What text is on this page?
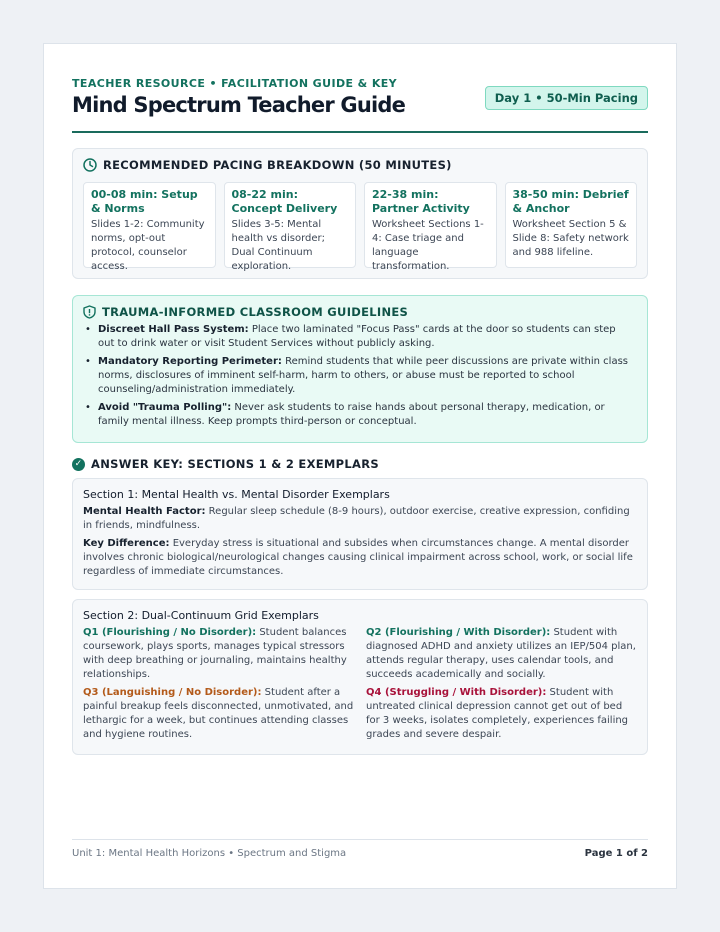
TEACHER RESOURCE • FACILITATION GUIDE & KEY
Mind Spectrum Teacher Guide	Day 1 • 50-Min Pacing
RECOMMENDED PACING BREAKDOWN (50 MINUTES)
00-08 min: Setup & Norms
Slides 1-2: Community norms, opt-out protocol, counselor access.
08-22 min: Concept Delivery
Slides 3-5: Mental health vs disorder; Dual Continuum exploration.
22-38 min: Partner Activity
Worksheet Sections 1-4: Case triage and language transformation.
38-50 min: Debrief & Anchor
Worksheet Section 5 & Slide 8: Safety network and 988 lifeline.
TRAUMA-INFORMED CLASSROOM GUIDELINES
• Discreet Hall Pass System: Place two laminated "Focus Pass" cards at the door so students can step out to drink water or visit Student Services without publicly asking.
• Mandatory Reporting Perimeter: Remind students that while peer discussions are private within class norms, disclosures of imminent self-harm, harm to others, or abuse must be reported to school counseling/administration immediately.
• Avoid "Trauma Polling": Never ask students to raise hands about personal therapy, medication, or family mental illness. Keep prompts third-person or conceptual.
✓ ANSWER KEY: SECTIONS 1 & 2 EXEMPLARS
Section 1: Mental Health vs. Mental Disorder Exemplars
Mental Health Factor: Regular sleep schedule (8-9 hours), outdoor exercise, creative expression, confiding in friends, mindfulness.
Key Difference: Everyday stress is situational and subsides when circumstances change. A mental disorder involves chronic biological/neurological changes causing clinical impairment across school, work, or social life regardless of immediate circumstances.
Section 2: Dual-Continuum Grid Exemplars
Q1 (Flourishing / No Disorder): Student balances coursework, plays sports, manages typical stressors with deep breathing or journaling, maintains healthy relationships.
Q2 (Flourishing / With Disorder): Student with diagnosed ADHD and anxiety utilizes an IEP/504 plan, attends regular therapy, uses calendar tools, and succeeds academically and socially.
Q3 (Languishing / No Disorder): Student after a painful breakup feels disconnected, unmotivated, and lethargic for a week, but continues attending classes and hygiene routines.
Q4 (Struggling / With Disorder): Student with untreated clinical depression cannot get out of bed for 3 weeks, isolates completely, experiences failing grades and severe despair.
Unit 1: Mental Health Horizons • Spectrum and Stigma	Page 1 of 2
